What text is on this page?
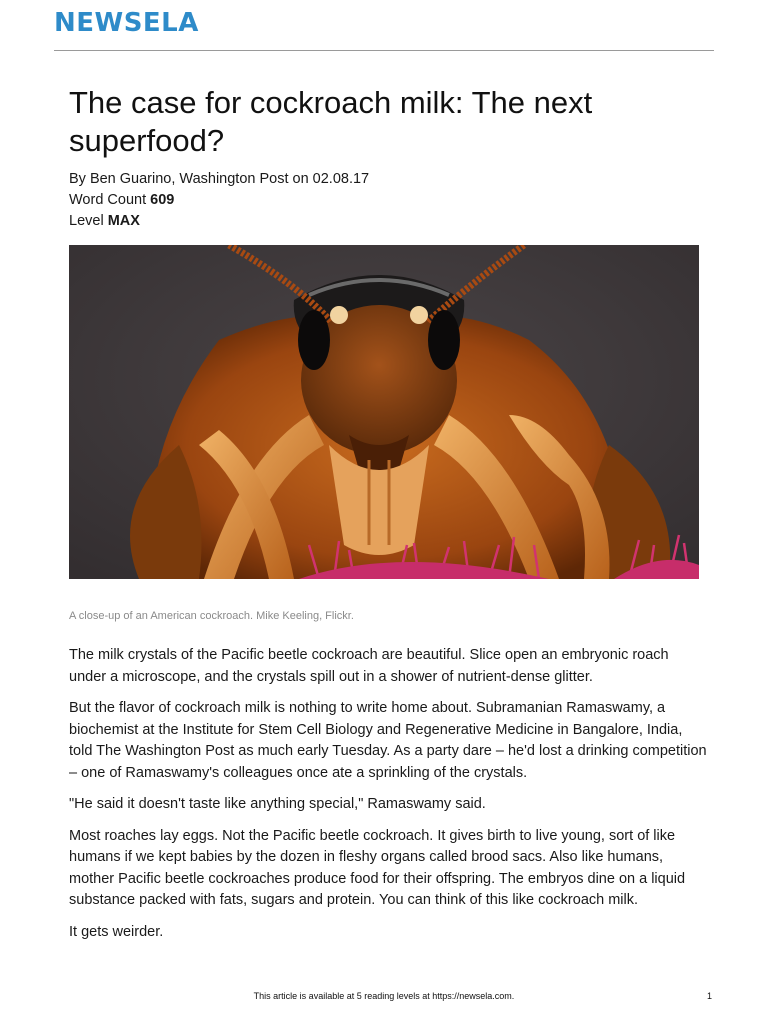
NEWSELA
The case for cockroach milk: The next superfood?
By Ben Guarino, Washington Post on 02.08.17
Word Count 609
Level MAX
A close-up of an American cockroach. Mike Keeling, Flickr.

The milk crystals of the Pacific beetle cockroach are beautiful. Slice open an embryonic roach under a microscope, and the crystals spill out in a shower of nutrient-dense glitter.

But the flavor of cockroach milk is nothing to write home about. Subramanian Ramaswamy, a biochemist at the Institute for Stem Cell Biology and Regenerative Medicine in Bangalore, India, told The Washington Post as much early Tuesday. As a party dare – he'd lost a drinking competition – one of Ramaswamy's colleagues once ate a sprinkling of the crystals.

"He said it doesn't taste like anything special," Ramaswamy said.

Most roaches lay eggs. Not the Pacific beetle cockroach. It gives birth to live young, sort of like humans if we kept babies by the dozen in fleshy organs called brood sacs. Also like humans, mother Pacific beetle cockroaches produce food for their offspring. The embryos dine on a liquid substance packed with fats, sugars and protein. You can think of this like cockroach milk.

It gets weirder.

This article is available at 5 reading levels at https://newsela.com.	1
